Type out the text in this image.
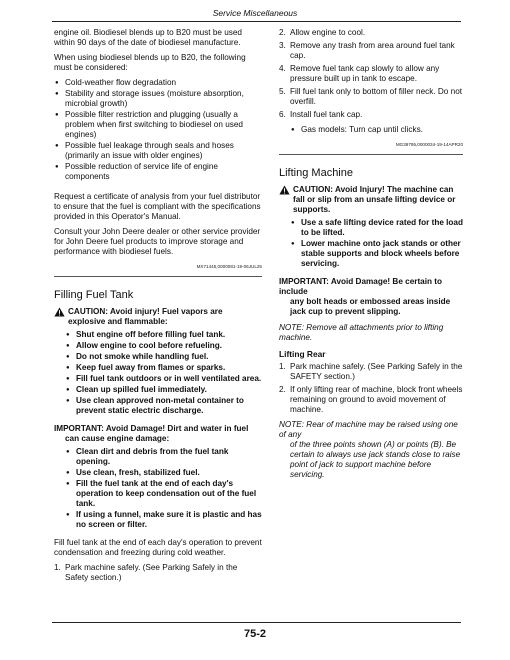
Service Miscellaneous

engine oil. Biodiesel blends up to B20 must be used within 90 days of the date of biodiesel manufacture.

When using biodiesel blends up to B20, the following must be considered:

● Cold-weather flow degradation
● Stability and storage issues (moisture absorption, microbial growth)
● Possible filter restriction and plugging (usually a problem when first switching to biodiesel on used engines)
● Possible fuel leakage through seals and hoses (primarily an issue with older engines)
● Possible reduction of service life of engine components

Request a certificate of analysis from your fuel distributor to ensure that the fuel is compliant with the specifications provided in this Operator's Manual.

Consult your John Deere dealer or other service provider for John Deere fuel products to improve storage and performance with biodiesel fuels.

MX71445,0000081-19-06JUL25
Filling Fuel Tank
CAUTION: Avoid injury! Fuel vapors are explosive and flammable:
● Shut engine off before filling fuel tank.
● Allow engine to cool before refueling.
● Do not smoke while handling fuel.
● Keep fuel away from flames or sparks.
● Fill fuel tank outdoors or in well ventilated area.
● Clean up spilled fuel immediately.
● Use clean approved non-metal container to prevent static electric discharge.
IMPORTANT: Avoid Damage! Dirt and water in fuel
can cause engine damage:
● Clean dirt and debris from the fuel tank opening.
● Use clean, fresh, stabilized fuel.
● Fill the fuel tank at the end of each day's operation to keep condensation out of the fuel tank.
● If using a funnel, make sure it is plastic and has no screen or filter.

Fill fuel tank at the end of each day's operation to prevent condensation and freezing during cold weather.

1. Park machine safely. (See Parking Safely in the Safety section.)
2. Allow engine to cool.
3. Remove any trash from area around fuel tank cap.
4. Remove fuel tank cap slowly to allow any pressure built up in tank to escape.
5. Fill fuel tank only to bottom of filler neck. Do not overfill.
6. Install fuel tank cap.
● Gas models: Turn cap until clicks.
MG39795,0000034-19-14APR20
Lifting Machine
CAUTION: Avoid Injury! The machine can fall or slip from an unsafe lifting device or supports.
● Use a safe lifting device rated for the load to be lifted.
● Lower machine onto jack stands or other stable supports and block wheels before servicing.
IMPORTANT: Avoid Damage! Be certain to include
any bolt heads or embossed areas inside jack cup to prevent slipping.
NOTE: Remove all attachments prior to lifting machine.
Lifting Rear
1. Park machine safely. (See Parking Safely in the SAFETY section.)
2. If only lifting rear of machine, block front wheels remaining on ground to avoid movement of machine.
NOTE: Rear of machine may be raised using one of any
of the three points shown (A) or points (B). Be certain to always use jack stands close to raise point of jack to support machine before servicing.
75-2
